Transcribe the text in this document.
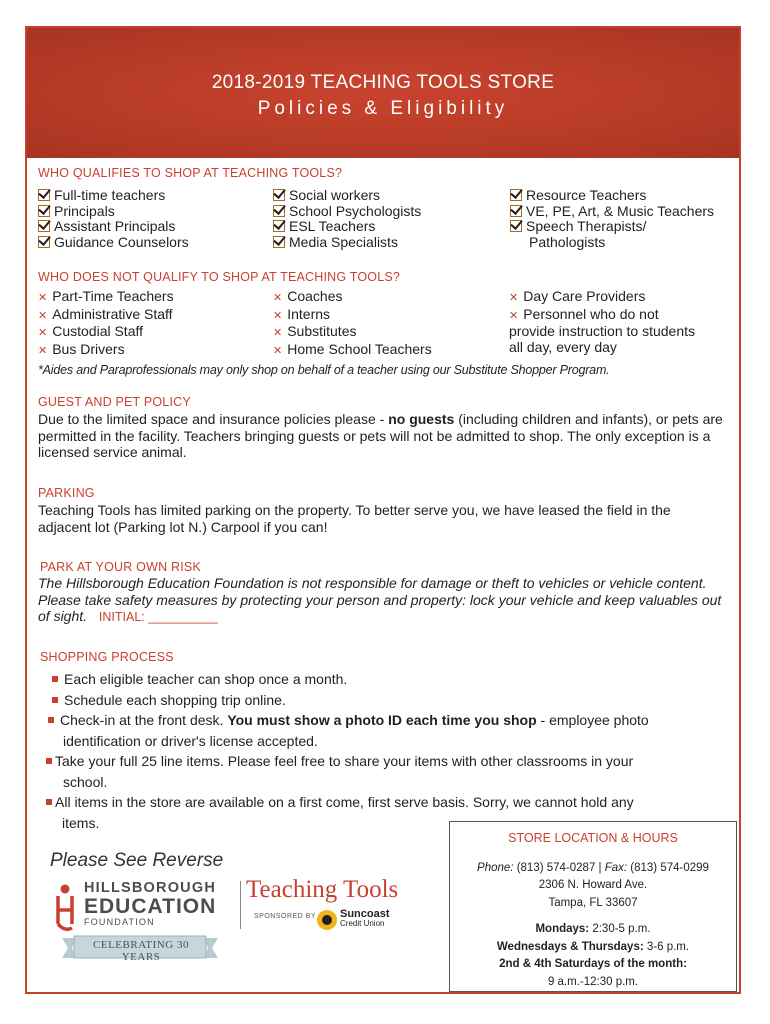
2018-2019 TEACHING TOOLS STORE
Policies & Eligibility
WHO QUALIFIES TO SHOP AT TEACHING TOOLS?
Full-time teachers
Principals
Assistant Principals
Guidance Counselors
Social workers
School Psychologists
ESL Teachers
Media Specialists
Resource Teachers
VE, PE, Art, & Music Teachers
Speech Therapists/
Pathologists
WHO DOES NOT QUALIFY TO SHOP AT TEACHING TOOLS?
✕ Part-Time Teachers
✕ Administrative Staff
✕ Custodial Staff
✕ Bus Drivers
✕ Coaches
✕ Interns
✕ Substitutes
✕ Home School Teachers
✕ Day Care Providers
✕ Personnel who do not
provide instruction to students
all day, every day
*Aides and Paraprofessionals may only shop on behalf of a teacher using our Substitute Shopper Program.
GUEST AND PET POLICY
Due to the limited space and insurance policies please - no guests (including children and infants), or pets are permitted in the facility. Teachers bringing guests or pets will not be admitted to shop. The only exception is a licensed service animal.
PARKING
Teaching Tools has limited parking on the property. To better serve you, we have leased the field in the adjacent lot (Parking lot N.) Carpool if you can!
PARK AT YOUR OWN RISK
The Hillsborough Education Foundation is not responsible for damage or theft to vehicles or vehicle content. Please take safety measures by protecting your person and property: lock your vehicle and keep valuables out of sight. INITIAL: __________
SHOPPING PROCESS
Each eligible teacher can shop once a month.
Schedule each shopping trip online.
Check-in at the front desk. You must show a photo ID each time you shop - employee photo
identification or driver's license accepted.
Take your full 25 line items. Please feel free to share your items with other classrooms in your
school.
All items in the store are available on a first come, first serve basis. Sorry, we cannot hold any
items.
STORE LOCATION & HOURS
Phone: (813) 574-0287 | Fax: (813) 574-0299
2306 N. Howard Ave.
Tampa, FL 33607
Mondays: 2:30-5 p.m.
Wednesdays & Thursdays: 3-6 p.m.
2nd & 4th Saturdays of the month:
9 a.m.-12:30 p.m.
Please See Reverse
HILLSBOROUGH
EDUCATION
FOUNDATION
Teaching Tools
SPONSORED BY Suncoast
Credit Union
CELEBRATING 30 YEARS
